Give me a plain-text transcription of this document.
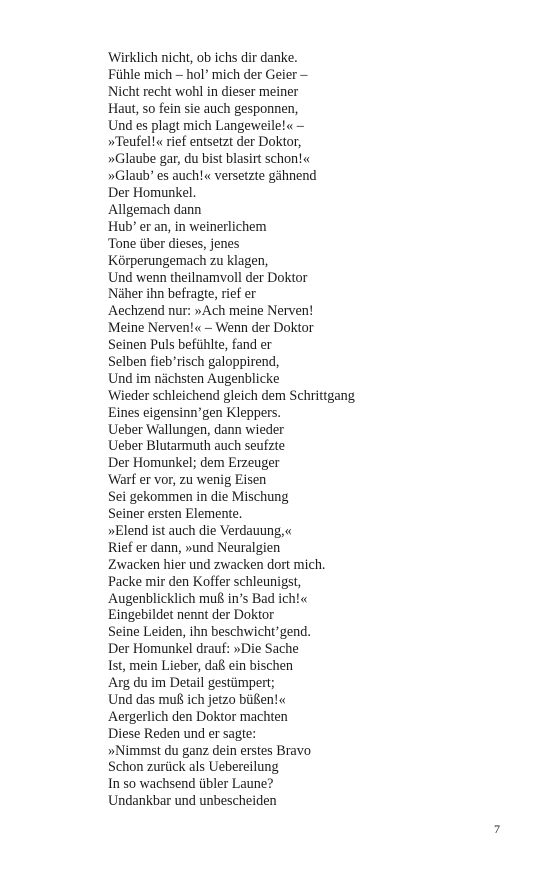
Wirklich nicht, ob ichs dir danke.
Fühle mich – hol’ mich der Geier –
Nicht recht wohl in dieser meiner
Haut, so fein sie auch gesponnen,
Und es plagt mich Langeweile!« –
»Teufel!« rief entsetzt der Doktor,
»Glaube gar, du bist blasirt schon!«
»Glaub’ es auch!« versetzte gähnend
Der Homunkel.
Allgemach dann
Hub’ er an, in weinerlichem
Tone über dieses, jenes
Körperungemach zu klagen,
Und wenn theilnamvoll der Doktor
Näher ihn befragte, rief er
Aechzend nur: »Ach meine Nerven!
Meine Nerven!« – Wenn der Doktor
Seinen Puls befühlte, fand er
Selben fieb’risch galoppirend,
Und im nächsten Augenblicke
Wieder schleichend gleich dem Schrittgang
Eines eigensinn’gen Kleppers.
Ueber Wallungen, dann wieder
Ueber Blutarmuth auch seufzte
Der Homunkel; dem Erzeuger
Warf er vor, zu wenig Eisen
Sei gekommen in die Mischung
Seiner ersten Elemente.
»Elend ist auch die Verdauung,«
Rief er dann, »und Neuralgien
Zwacken hier und zwacken dort mich.
Packe mir den Koffer schleunigst,
Augenblicklich muß in’s Bad ich!«
Eingebildet nennt der Doktor
Seine Leiden, ihn beschwicht’gend.
Der Homunkel drauf: »Die Sache
Ist, mein Lieber, daß ein bischen
Arg du im Detail gestümpert;
Und das muß ich jetzo büßen!«
Aergerlich den Doktor machten
Diese Reden und er sagte:
»Nimmst du ganz dein erstes Bravo
Schon zurück als Uebereilung
In so wachsend übler Laune?
Undankbar und unbescheiden
7
